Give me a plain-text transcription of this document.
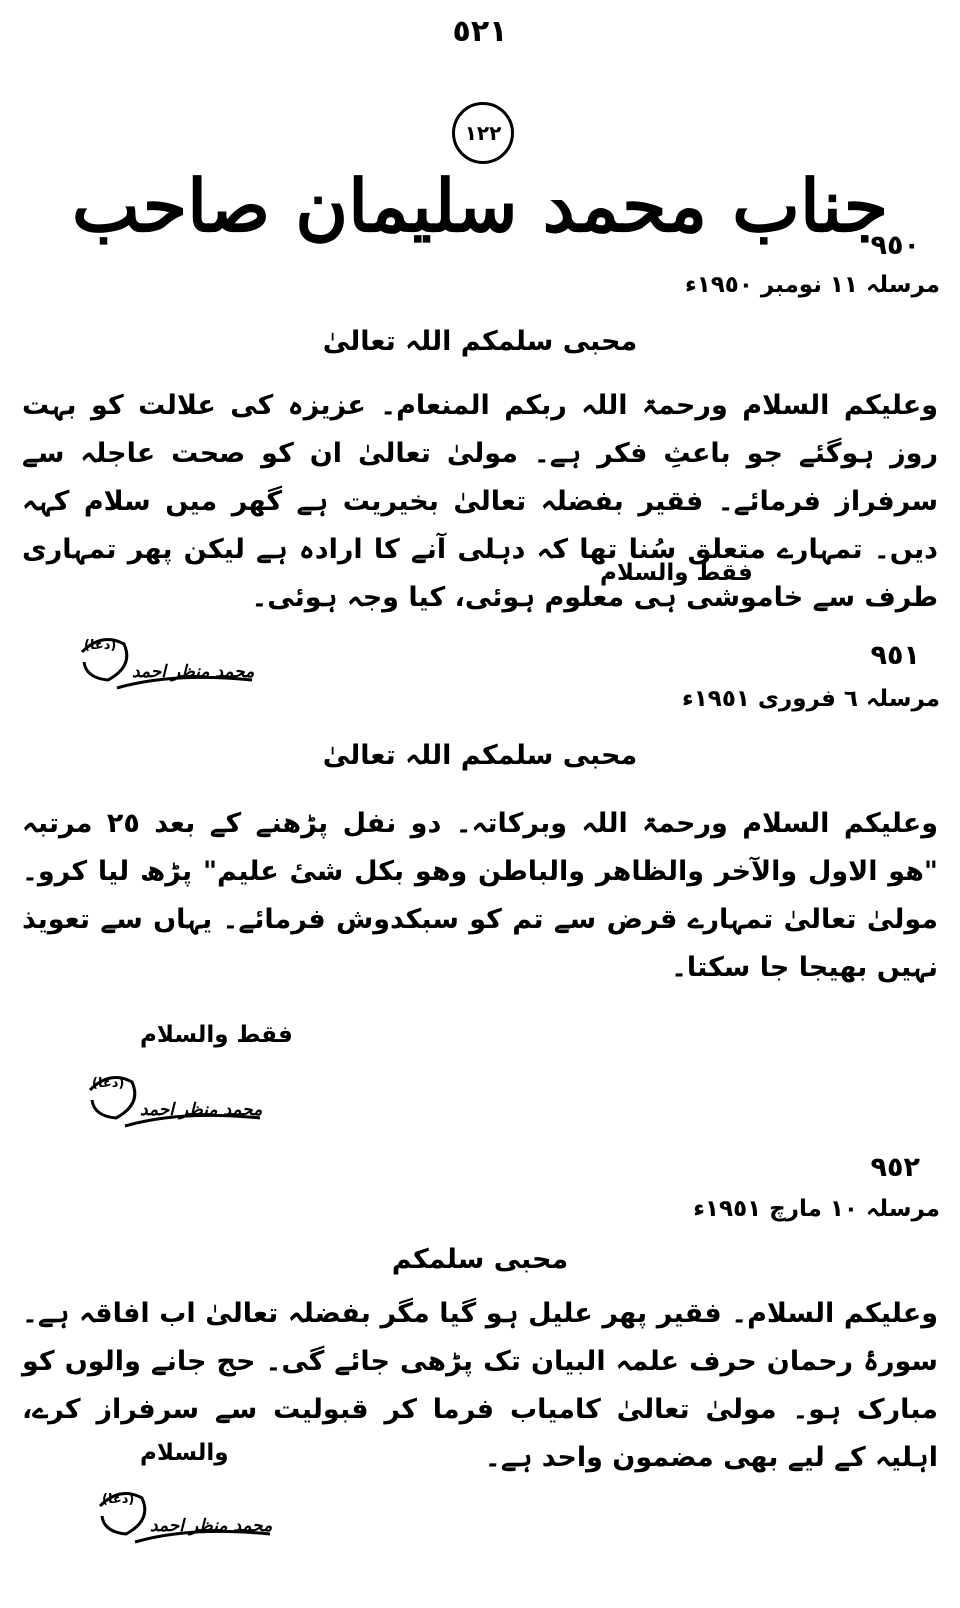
٥٢١
١٢٢
جناب محمد سلیمان صاحب
٩٥٠
مرسلہ ١١ نومبر ١٩٥٠ء
محبی سلمکم اللہ تعالیٰ
وعلیکم السلام ورحمۃ اللہ ربکم المنعام۔ عزیزہ کی علالت کو بہت روز ہوگئے جو باعثِ فکر ہے۔ مولیٰ تعالیٰ ان کو صحت عاجلہ سے سرفراز فرمائے۔ فقیر بفضلہ تعالیٰ بخیریت ہے گھر میں سلام کہہ دیں۔ تمہارے متعلق سُنا تھا کہ دہلی آنے کا ارادہ ہے لیکن پھر تمہاری طرف سے خاموشی ہی معلوم ہوئی، کیا وجہ ہوئی۔
فقط والسلام
(دعا)
محمد منظر احمد
٩٥١
مرسلہ ٦ فروری ١٩٥١ء
محبی سلمکم اللہ تعالیٰ
وعلیکم السلام ورحمۃ اللہ وبرکاتہ۔ دو نفل پڑھنے کے بعد ٢٥ مرتبہ "ھو الاول والآخر والظاھر والباطن وھو بکل شیٔ علیم" پڑھ لیا کرو۔ مولیٰ تعالیٰ تمہارے قرض سے تم کو سبکدوش فرمائے۔ یہاں سے تعویذ نہیں بھیجا جا سکتا۔
فقط والسلام
(دعا)
محمد منظر احمد
٩٥٢
مرسلہ ١٠ مارچ ١٩٥١ء
محبی سلمکم
وعلیکم السلام۔ فقیر پھر علیل ہو گیا مگر بفضلہ تعالیٰ اب افاقہ ہے۔ سورۂ رحمان حرف علمہ البیان تک پڑھی جائے گی۔ حج جانے والوں کو مبارک ہو۔ مولیٰ تعالیٰ کامیاب فرما کر قبولیت سے سرفراز کرے، اہلیہ کے لیے بھی مضمون واحد ہے۔
والسلام
(دعا)
محمد منظر احمد
